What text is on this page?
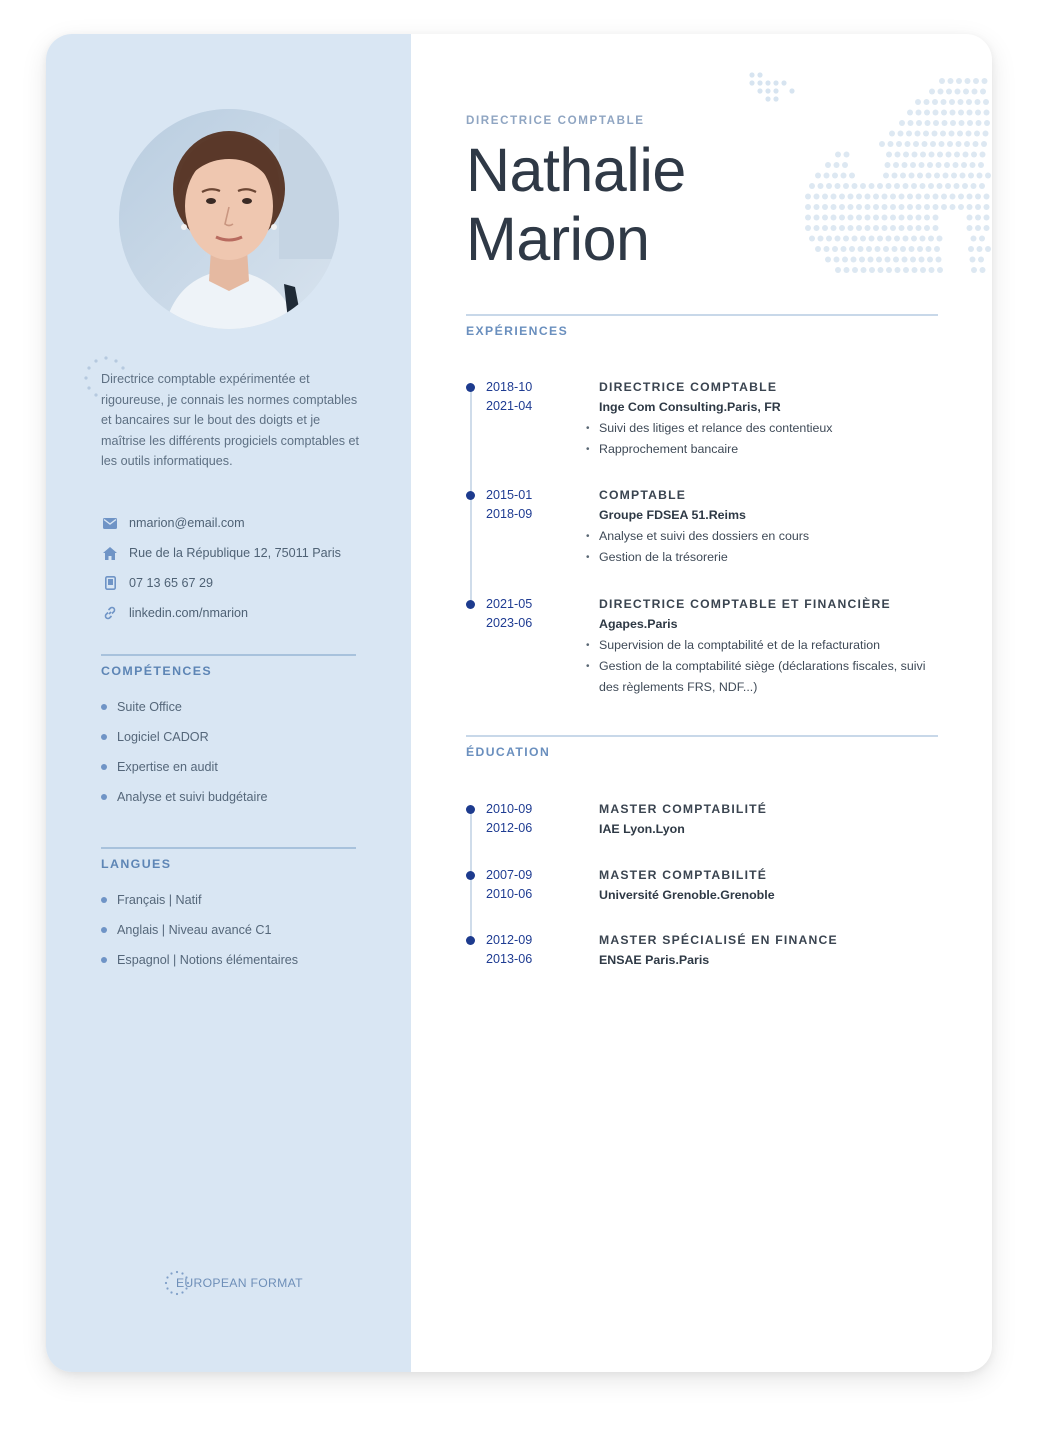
Directrice comptable expérimentée et rigoureuse, je connais les normes comptables et bancaires sur le bout des doigts et je maîtrise les différents progiciels comptables et les outils informatiques.
nmarion@email.com
Rue de la République 12, 75011 Paris
07 13 65 67 29
linkedin.com/nmarion
COMPÉTENCES
Suite Office
Logiciel CADOR
Expertise en audit
Analyse et suivi budgétaire
LANGUES
Français | Natif
Anglais | Niveau avancé C1
Espagnol | Notions élémentaires
EUROPEAN FORMAT
DIRECTRICE COMPTABLE
Nathalie
Marion
EXPÉRIENCES
2018-10
2021-04
DIRECTRICE COMPTABLE
Inge Com Consulting.Paris, FR
• Suivi des litiges et relance des contentieux
• Rapprochement bancaire
2015-01
2018-09
COMPTABLE
Groupe FDSEA 51.Reims
• Analyse et suivi des dossiers en cours
• Gestion de la trésorerie
2021-05
2023-06
DIRECTRICE COMPTABLE ET FINANCIÈRE
Agapes.Paris
• Supervision de la comptabilité et de la refacturation
• Gestion de la comptabilité siège (déclarations fiscales, suivi des règlements FRS, NDF...)
ÉDUCATION
2010-09
2012-06
MASTER COMPTABILITÉ
IAE Lyon.Lyon
2007-09
2010-06
MASTER COMPTABILITÉ
Université Grenoble.Grenoble
2012-09
2013-06
MASTER SPÉCIALISÉ EN FINANCE
ENSAE Paris.Paris
